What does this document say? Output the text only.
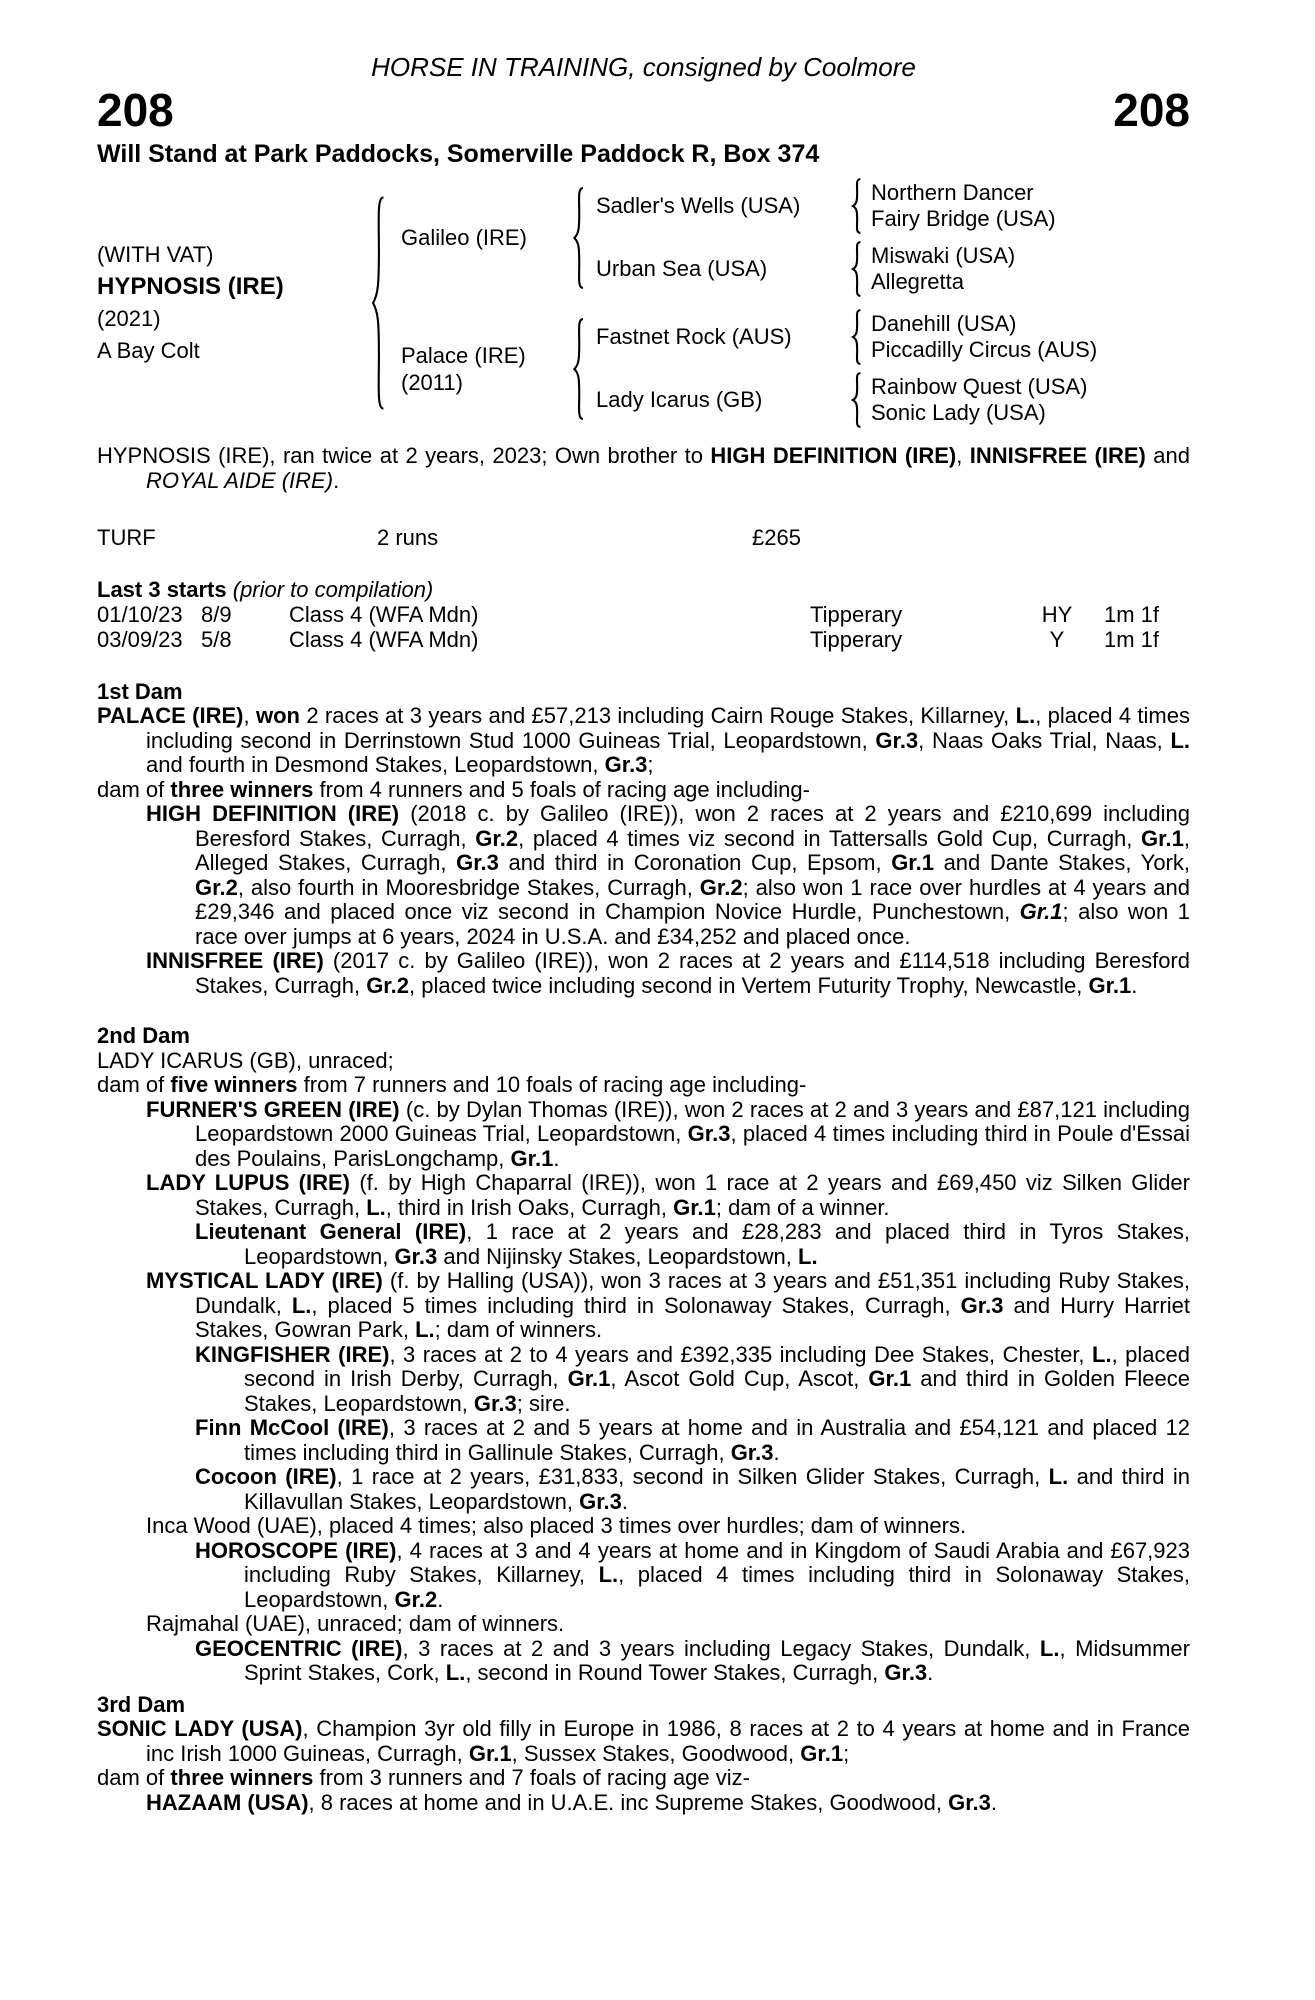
HORSE IN TRAINING, consigned by Coolmore
208	208
Will Stand at Park Paddocks, Somerville Paddock R, Box 374
(WITH VAT)
HYPNOSIS (IRE)
(2021)
A Bay Colt
Galileo (IRE)
Sadler's Wells (USA)
Northern Dancer
Fairy Bridge (USA)
Urban Sea (USA)
Miswaki (USA)
Allegretta
Palace (IRE)
(2011)
Fastnet Rock (AUS)
Danehill (USA)
Piccadilly Circus (AUS)
Lady Icarus (GB)
Rainbow Quest (USA)
Sonic Lady (USA)

HYPNOSIS (IRE), ran twice at 2 years, 2023; Own brother to HIGH DEFINITION (IRE), INNISFREE (IRE) and ROYAL AIDE (IRE).

TURF	2 runs	£265
Last 3 starts (prior to compilation)
01/10/23 8/9	Class 4 (WFA Mdn)	Tipperary	HY	1m 1f
03/09/23 5/8	Class 4 (WFA Mdn)	Tipperary	Y	1m 1f
1st Dam

PALACE (IRE), won 2 races at 3 years and £57,213 including Cairn Rouge Stakes, Killarney, L., placed 4 times including second in Derrinstown Stud 1000 Guineas Trial, Leopardstown, Gr.3, Naas Oaks Trial, Naas, L. and fourth in Desmond Stakes, Leopardstown, Gr.3;

dam of three winners from 4 runners and 5 foals of racing age including-

HIGH DEFINITION (IRE) (2018 c. by Galileo (IRE)), won 2 races at 2 years and £210,699 including Beresford Stakes, Curragh, Gr.2, placed 4 times viz second in Tattersalls Gold Cup, Curragh, Gr.1, Alleged Stakes, Curragh, Gr.3 and third in Coronation Cup, Epsom, Gr.1 and Dante Stakes, York, Gr.2, also fourth in Mooresbridge Stakes, Curragh, Gr.2; also won 1 race over hurdles at 4 years and £29,346 and placed once viz second in Champion Novice Hurdle, Punchestown, Gr.1; also won 1 race over jumps at 6 years, 2024 in U.S.A. and £34,252 and placed once.

INNISFREE (IRE) (2017 c. by Galileo (IRE)), won 2 races at 2 years and £114,518 including Beresford Stakes, Curragh, Gr.2, placed twice including second in Vertem Futurity Trophy, Newcastle, Gr.1.

2nd Dam

LADY ICARUS (GB), unraced;

dam of five winners from 7 runners and 10 foals of racing age including-

FURNER'S GREEN (IRE) (c. by Dylan Thomas (IRE)), won 2 races at 2 and 3 years and £87,121 including Leopardstown 2000 Guineas Trial, Leopardstown, Gr.3, placed 4 times including third in Poule d'Essai des Poulains, ParisLongchamp, Gr.1.

LADY LUPUS (IRE) (f. by High Chaparral (IRE)), won 1 race at 2 years and £69,450 viz Silken Glider Stakes, Curragh, L., third in Irish Oaks, Curragh, Gr.1; dam of a winner.

Lieutenant General (IRE), 1 race at 2 years and £28,283 and placed third in Tyros Stakes, Leopardstown, Gr.3 and Nijinsky Stakes, Leopardstown, L.

MYSTICAL LADY (IRE) (f. by Halling (USA)), won 3 races at 3 years and £51,351 including Ruby Stakes, Dundalk, L., placed 5 times including third in Solonaway Stakes, Curragh, Gr.3 and Hurry Harriet Stakes, Gowran Park, L.; dam of winners.

KINGFISHER (IRE), 3 races at 2 to 4 years and £392,335 including Dee Stakes, Chester, L., placed second in Irish Derby, Curragh, Gr.1, Ascot Gold Cup, Ascot, Gr.1 and third in Golden Fleece Stakes, Leopardstown, Gr.3; sire.

Finn McCool (IRE), 3 races at 2 and 5 years at home and in Australia and £54,121 and placed 12 times including third in Gallinule Stakes, Curragh, Gr.3.

Cocoon (IRE), 1 race at 2 years, £31,833, second in Silken Glider Stakes, Curragh, L. and third in Killavullan Stakes, Leopardstown, Gr.3.

Inca Wood (UAE), placed 4 times; also placed 3 times over hurdles; dam of winners.

HOROSCOPE (IRE), 4 races at 3 and 4 years at home and in Kingdom of Saudi Arabia and £67,923 including Ruby Stakes, Killarney, L., placed 4 times including third in Solonaway Stakes, Leopardstown, Gr.2.

Rajmahal (UAE), unraced; dam of winners.

GEOCENTRIC (IRE), 3 races at 2 and 3 years including Legacy Stakes, Dundalk, L., Midsummer Sprint Stakes, Cork, L., second in Round Tower Stakes, Curragh, Gr.3.

3rd Dam

SONIC LADY (USA), Champion 3yr old filly in Europe in 1986, 8 races at 2 to 4 years at home and in France inc Irish 1000 Guineas, Curragh, Gr.1, Sussex Stakes, Goodwood, Gr.1;

dam of three winners from 3 runners and 7 foals of racing age viz-

HAZAAM (USA), 8 races at home and in U.A.E. inc Supreme Stakes, Goodwood, Gr.3.
